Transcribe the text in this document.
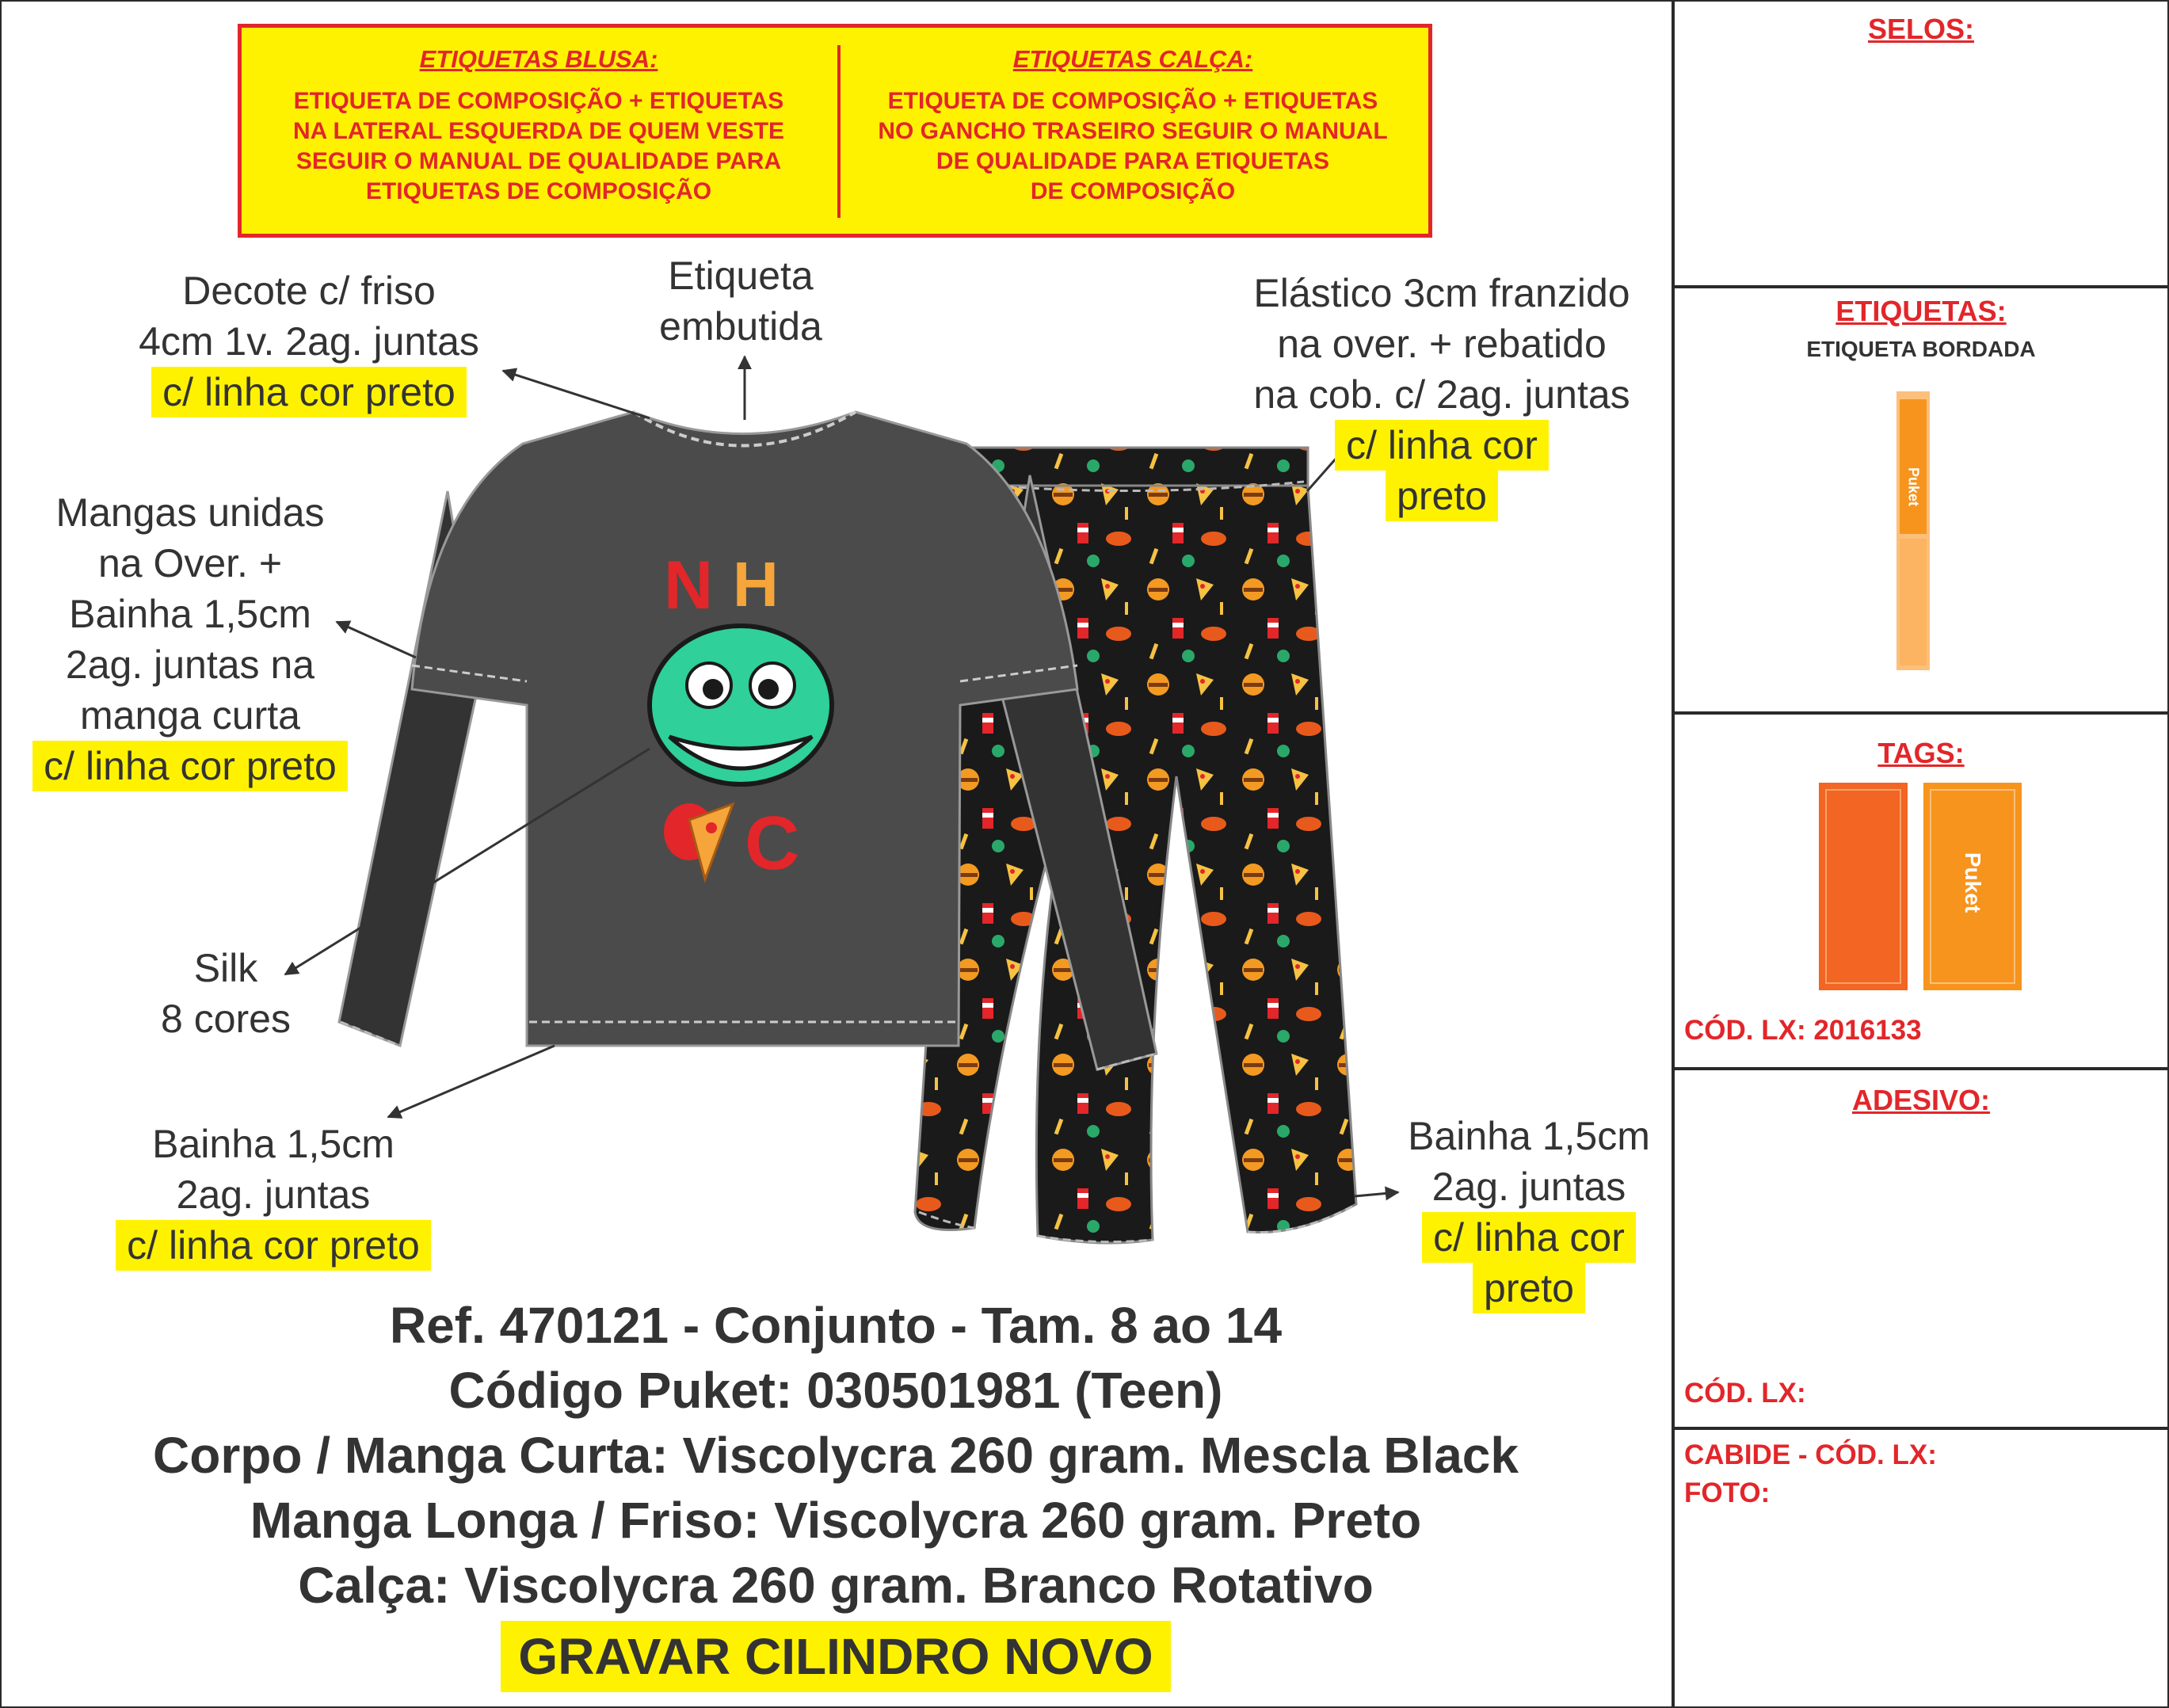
ETIQUETAS BLUSA:
ETIQUETA DE COMPOSIÇÃO + ETIQUETAS
NA LATERAL ESQUERDA DE QUEM VESTE
SEGUIR O MANUAL DE QUALIDADE PARA
ETIQUETAS DE COMPOSIÇÃO
ETIQUETAS CALÇA:
ETIQUETA DE COMPOSIÇÃO + ETIQUETAS
NO GANCHO TRASEIRO SEGUIR O MANUAL
DE QUALIDADE PARA ETIQUETAS
DE COMPOSIÇÃO
N H
C
Decote c/ friso
4cm 1v. 2ag. juntas
c/ linha cor preto
Etiqueta
embutida
Elástico 3cm franzido
na over. + rebatido
na cob. c/ 2ag. juntas
c/ linha cor
preto
Mangas unidas
na Over. +
Bainha 1,5cm
2ag. juntas na
manga curta
c/ linha cor preto
Silk
8 cores
Bainha 1,5cm
2ag. juntas
c/ linha cor preto
Bainha 1,5cm
2ag. juntas
c/ linha cor
preto
Ref. 470121 - Conjunto - Tam. 8 ao 14
Código Puket: 030501981 (Teen)
Corpo / Manga Curta: Viscolycra 260 gram. Mescla Black
Manga Longa / Friso: Viscolycra 260 gram. Preto
Calça: Viscolycra 260 gram. Branco Rotativo
GRAVAR CILINDRO NOVO
SELOS:
ETIQUETAS:
ETIQUETA BORDADA
Puket
TAGS:
Puket
CÓD. LX: 2016133
ADESIVO:
CÓD. LX:
CABIDE - CÓD. LX:
FOTO:
